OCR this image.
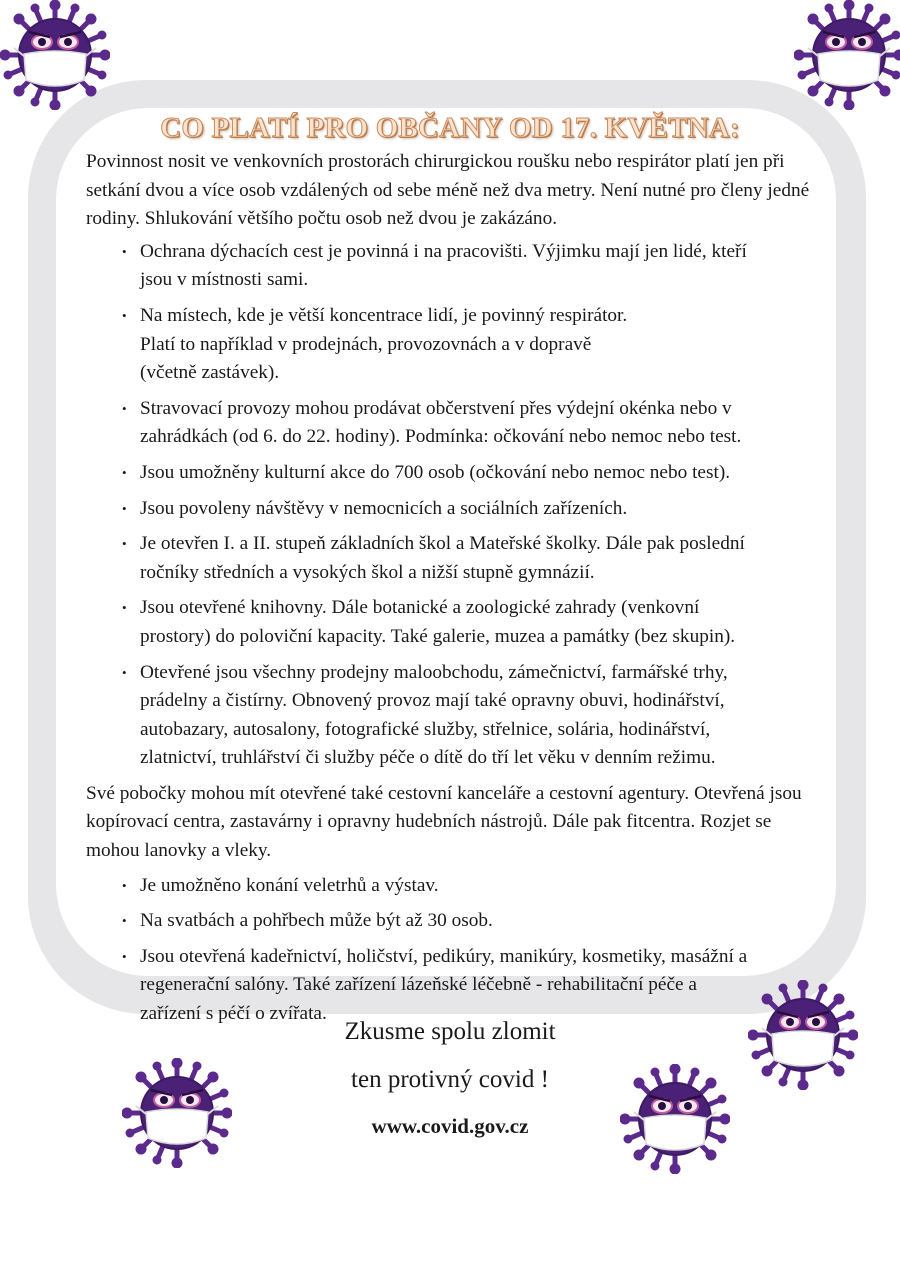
CO PLATÍ PRO OBČANY OD 17. KVĚTNA:

Povinnost nosit ve venkovních prostorách chirurgickou roušku nebo respirátor platí jen při setkání dvou a více osob vzdálených od sebe méně než dva metry. Není nutné pro členy jedné rodiny. Shlukování většího počtu osob než dvou je zakázáno.

• Ochrana dýchacích cest je povinná i na pracovišti. Výjimku mají jen lidé, kteří
jsou v místnosti sami.
• Na místech, kde je větší koncentrace lidí, je povinný respirátor.
Platí to například v prodejnách, provozovnách a v dopravě
(včetně zastávek).
• Stravovací provozy mohou prodávat občerstvení přes výdejní okénka nebo v
zahrádkách (od 6. do 22. hodiny). Podmínka: očkování nebo nemoc nebo test.
• Jsou umožněny kulturní akce do 700 osob (očkování nebo nemoc nebo test).
• Jsou povoleny návštěvy v nemocnicích a sociálních zařízeních.
• Je otevřen I. a II. stupeň základních škol a Mateřské školky. Dále pak poslední
ročníky středních a vysokých škol a nižší stupně gymnázií.
• Jsou otevřené knihovny. Dále botanické a zoologické zahrady (venkovní
prostory) do poloviční kapacity. Také galerie, muzea a památky (bez skupin).
• Otevřené jsou všechny prodejny maloobchodu, zámečnictví, farmářské trhy,
prádelny a čistírny. Obnovený provoz mají také opravny obuvi, hodinářství,
autobazary, autosalony, fotografické služby, střelnice, solária, hodinářství,
zlatnictví, truhlářství či služby péče o dítě do tří let věku v denním režimu.

Své pobočky mohou mít otevřené také cestovní kanceláře a cestovní agentury. Otevřená jsou kopírovací centra, zastavárny i opravny hudebních nástrojů. Dále pak fitcentra. Rozjet se mohou lanovky a vleky.

• Je umožněno konání veletrhů a výstav.
• Na svatbách a pohřbech může být až 30 osob.
• Jsou otevřená kadeřnictví, holičství, pedikúry, manikúry, kosmetiky, masážní a
regenerační salóny. Také zařízení lázeňské léčebně - rehabilitační péče a
zařízení s péčí o zvířata.
Zkusme spolu zlomit
ten protivný covid !
www.covid.gov.cz
